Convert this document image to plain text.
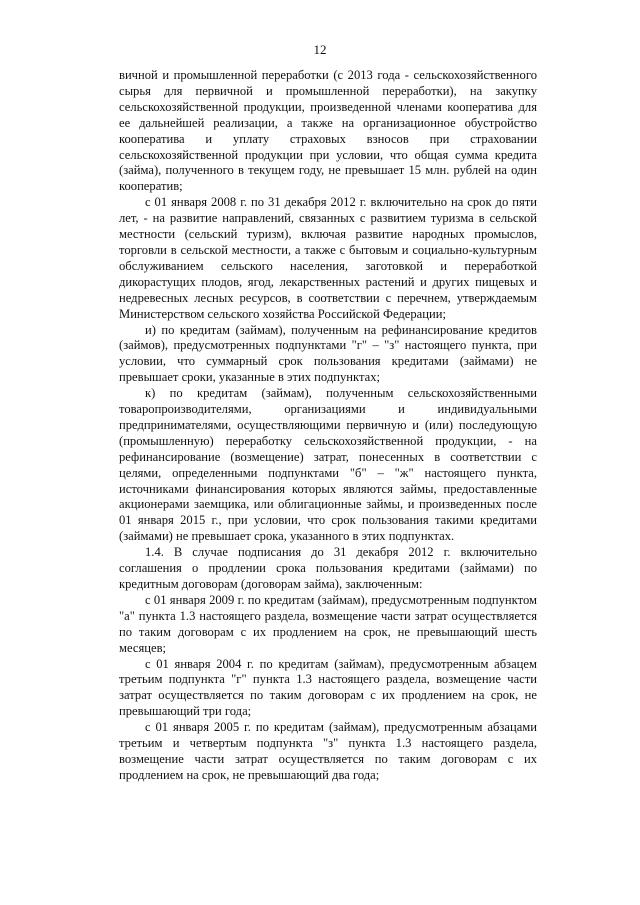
12

вичной и промышленной переработки (с 2013 года - сельскохозяйственного сырья для первичной и промышленной переработки), на закупку сельскохозяйственной продукции, произведенной членами кооператива для ее дальнейшей реализации, а также на организационное обустройство кооператива и уплату страховых взносов при страховании сельскохозяйственной продукции при условии, что общая сумма кредита (займа), полученного в текущем году, не превышает 15 млн. рублей на один кооператив;

с 01 января 2008 г. по 31 декабря 2012 г. включительно на срок до пяти лет, - на развитие направлений, связанных с развитием туризма в сельской местности (сельский туризм), включая развитие народных промыслов, торговли в сельской местности, а также с бытовым и социально-культурным обслуживанием сельского населения, заготовкой и переработкой дикорастущих плодов, ягод, лекарственных растений и других пищевых и недревесных лесных ресурсов, в соответствии с перечнем, утверждаемым Министерством сельского хозяйства Российской Федерации;

и) по кредитам (займам), полученным на рефинансирование кредитов (займов), предусмотренных подпунктами "г" – "з" настоящего пункта, при условии, что суммарный срок пользования кредитами (займами) не превышает сроки, указанные в этих подпунктах;

к) по кредитам (займам), полученным сельскохозяйственными товаропроизводителями, организациями и индивидуальными предпринимателями, осуществляющими первичную и (или) последующую (промышленную) переработку сельскохозяйственной продукции, - на рефинансирование (возмещение) затрат, понесенных в соответствии с целями, определенными подпунктами "б" – "ж" настоящего пункта, источниками финансирования которых являются займы, предоставленные акционерами заемщика, или облигационные займы, и произведенных после 01 января 2015 г., при условии, что срок пользования такими кредитами (займами) не превышает срока, указанного в этих подпунктах.

1.4. В случае подписания до 31 декабря 2012 г. включительно соглашения о продлении срока пользования кредитами (займами) по кредитным договорам (договорам займа), заключенным:

с 01 января 2009 г. по кредитам (займам), предусмотренным подпунктом "а" пункта 1.3 настоящего раздела, возмещение части затрат осуществляется по таким договорам с их продлением на срок, не превышающий шесть месяцев;

с 01 января 2004 г. по кредитам (займам), предусмотренным абзацем третьим подпункта "г" пункта 1.3 настоящего раздела, возмещение части затрат осуществляется по таким договорам с их продлением на срок, не превышающий три года;

с 01 января 2005 г. по кредитам (займам), предусмотренным абзацами третьим и четвертым подпункта "з" пункта 1.3 настоящего раздела, возмещение части затрат осуществляется по таким договорам с их продлением на срок, не превышающий два года;
